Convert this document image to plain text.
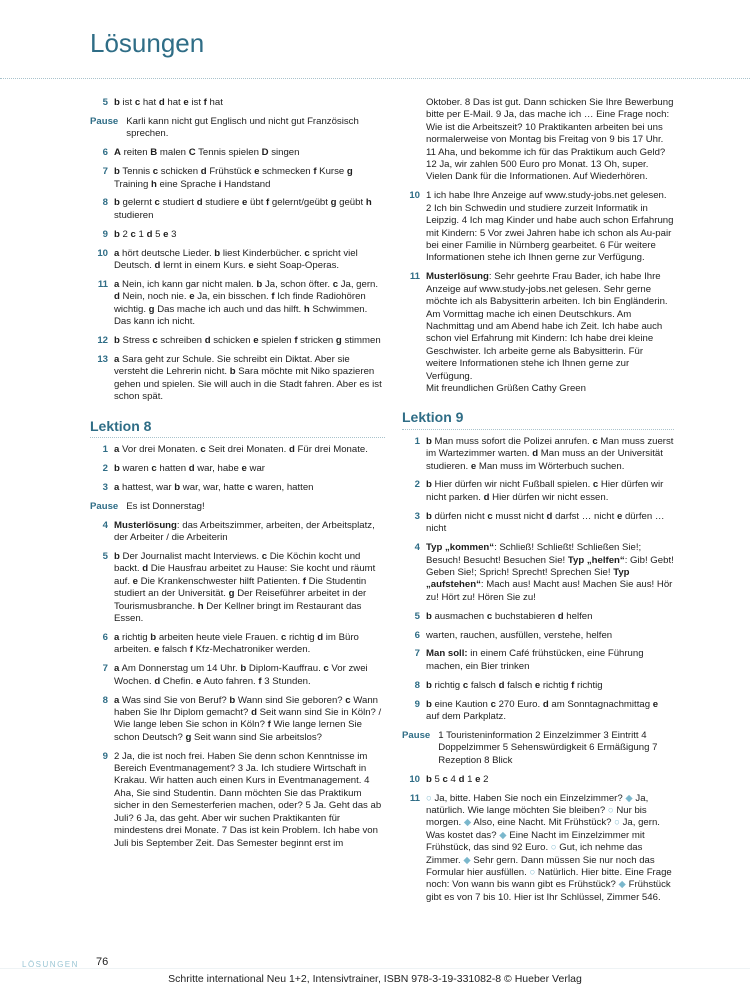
Lösungen
5 b ist c hat d hat e ist f hat
Pause Karli kann nicht gut Englisch und nicht gut Französisch sprechen.
6 A reiten B malen C Tennis spielen D singen
7 b Tennis c schicken d Frühstück e schmecken f Kurse g Training h eine Sprache i Handstand
8 b gelernt c studiert d studiere e übt f gelernt/geübt g geübt h studieren
9 b 2 c 1 d 5 e 3
10 a hört deutsche Lieder. b liest Kinderbücher. c spricht viel Deutsch. d lernt in einem Kurs. e sieht Soap-Operas.
11 a Nein, ich kann gar nicht malen. b Ja, schon öfter. c Ja, gern. d Nein, noch nie. e Ja, ein bisschen. f Ich finde Radiohören wichtig. g Das mache ich auch und das hilft. h Schwimmen. Das kann ich nicht.
12 b Stress c schreiben d schicken e spielen f stricken g stimmen
13 a Sara geht zur Schule. Sie schreibt ein Diktat. Aber sie versteht die Lehrerin nicht. b Sara möchte mit Niko spazieren gehen und spielen. Sie will auch in die Stadt fahren. Aber es ist schon spät.
Lektion 8
1 a Vor drei Monaten. c Seit drei Monaten. d Für drei Monate.
2 b waren c hatten d war, habe e war
3 a hattest, war b war, war, hatte c waren, hatten
Pause Es ist Donnerstag!
4 Musterlösung: das Arbeitszimmer, arbeiten, der Arbeitsplatz, der Arbeiter / die Arbeiterin
5 b Der Journalist macht Interviews. c Die Köchin kocht und backt. d Die Hausfrau arbeitet zu Hause: Sie kocht und räumt auf. e Die Krankenschwester hilft Patienten. f Die Studentin studiert an der Universität. g Der Reiseführer arbeitet in der Tourismusbranche. h Der Kellner bringt im Restaurant das Essen.
6 a richtig b arbeiten heute viele Frauen. c richtig d im Büro arbeiten. e falsch f Kfz-Mechatroniker werden.
7 a Am Donnerstag um 14 Uhr. b Diplom-Kauffrau. c Vor zwei Wochen. d Chefin. e Auto fahren. f 3 Stunden.
8 a Was sind Sie von Beruf? b Wann sind Sie geboren? c Wann haben Sie Ihr Diplom gemacht? d Seit wann sind Sie in Köln? / Wie lange leben Sie schon in Köln? f Wie lange lernen Sie schon Deutsch? g Seit wann sind Sie arbeitslos?
9 2 Ja, die ist noch frei. Haben Sie denn schon Kenntnisse im Bereich Eventmanagement? 3 Ja. Ich studiere Wirtschaft in Krakau. Wir hatten auch einen Kurs in Eventmanagement. 4 Aha, Sie sind Studentin. Dann möchten Sie das Praktikum sicher in den Semesterferien machen, oder? 5 Ja. Geht das ab Juli? 6 Ja, das geht. Aber wir suchen Praktikanten für mindestens drei Monate. 7 Das ist kein Problem. Ich habe von Juli bis September Zeit. Das Semester beginnt erst im
Oktober. 8 Das ist gut. Dann schicken Sie Ihre Bewerbung bitte per E-Mail. 9 Ja, das mache ich … Eine Frage noch: Wie ist die Arbeitszeit? 10 Praktikanten arbeiten bei uns normalerweise von Montag bis Freitag von 9 bis 17 Uhr. 11 Aha, und bekomme ich für das Praktikum auch Geld? 12 Ja, wir zahlen 500 Euro pro Monat. 13 Oh, super. Vielen Dank für die Informationen. Auf Wiederhören.
10 1 ich habe Ihre Anzeige auf www.study-jobs.net gelesen. 2 Ich bin Schwedin und studiere zurzeit Informatik in Leipzig. 4 Ich mag Kinder und habe auch schon Erfahrung mit Kindern: 5 Vor zwei Jahren habe ich schon als Au-pair bei einer Familie in Nürnberg gearbeitet. 6 Für weitere Informationen stehe ich Ihnen gerne zur Verfügung.
11 Musterlösung: Sehr geehrte Frau Bader, ich habe Ihre Anzeige auf www.study-jobs.net gelesen. Sehr gerne möchte ich als Babysitterin arbeiten. Ich bin Engländerin. Am Vormittag mache ich einen Deutschkurs. Am Nachmittag und am Abend habe ich Zeit. Ich habe auch schon viel Erfahrung mit Kindern: Ich habe drei kleine Geschwister. Ich arbeite gerne als Babysitterin. Für weitere Informationen stehe ich Ihnen gerne zur Verfügung.
Mit freundlichen Grüßen Cathy Green
Lektion 9
1 b Man muss sofort die Polizei anrufen. c Man muss zuerst im Wartezimmer warten. d Man muss an der Universität studieren. e Man muss im Wörterbuch suchen.
2 b Hier dürfen wir nicht Fußball spielen. c Hier dürfen wir nicht parken. d Hier dürfen wir nicht essen.
3 b dürfen nicht c musst nicht d darfst … nicht e dürfen … nicht
4 Typ „kommen“: Schließ! Schließt! Schließen Sie!; Besuch! Besucht! Besuchen Sie! Typ „helfen“: Gib! Gebt! Geben Sie!; Sprich! Sprecht! Sprechen Sie! Typ „aufstehen“: Mach aus! Macht aus! Machen Sie aus! Hör zu! Hört zu! Hören Sie zu!
5 b ausmachen c buchstabieren d helfen
6 warten, rauchen, ausfüllen, verstehe, helfen
7 Man soll: in einem Café frühstücken, eine Führung machen, ein Bier trinken
8 b richtig c falsch d falsch e richtig f richtig
9 b eine Kaution c 270 Euro. d am Sonntagnachmittag e auf dem Parkplatz.
Pause 1 Touristeninformation 2 Einzelzimmer 3 Eintritt 4 Doppelzimmer 5 Sehenswürdigkeit 6 Ermäßigung 7 Rezeption 8 Blick
10 b 5 c 4 d 1 e 2
11 ○ Ja, bitte. Haben Sie noch ein Einzelzimmer? ◆ Ja, natürlich. Wie lange möchten Sie bleiben? ○ Nur bis morgen. ◆ Also, eine Nacht. Mit Frühstück? ○ Ja, gern. Was kostet das? ◆ Eine Nacht im Einzelzimmer mit Frühstück, das sind 92 Euro. ○ Gut, ich nehme das Zimmer. ◆ Sehr gern. Dann müssen Sie nur noch das Formular hier ausfüllen. ○ Natürlich. Hier bitte. Eine Frage noch: Von wann bis wann gibt es Frühstück? ◆ Frühstück gibt es von 7 bis 10. Hier ist Ihr Schlüssel, Zimmer 546.
LÖSUNGEN 76
Schritte international Neu 1+2, Intensivtrainer, ISBN 978-3-19-331082-8 © Hueber Verlag
